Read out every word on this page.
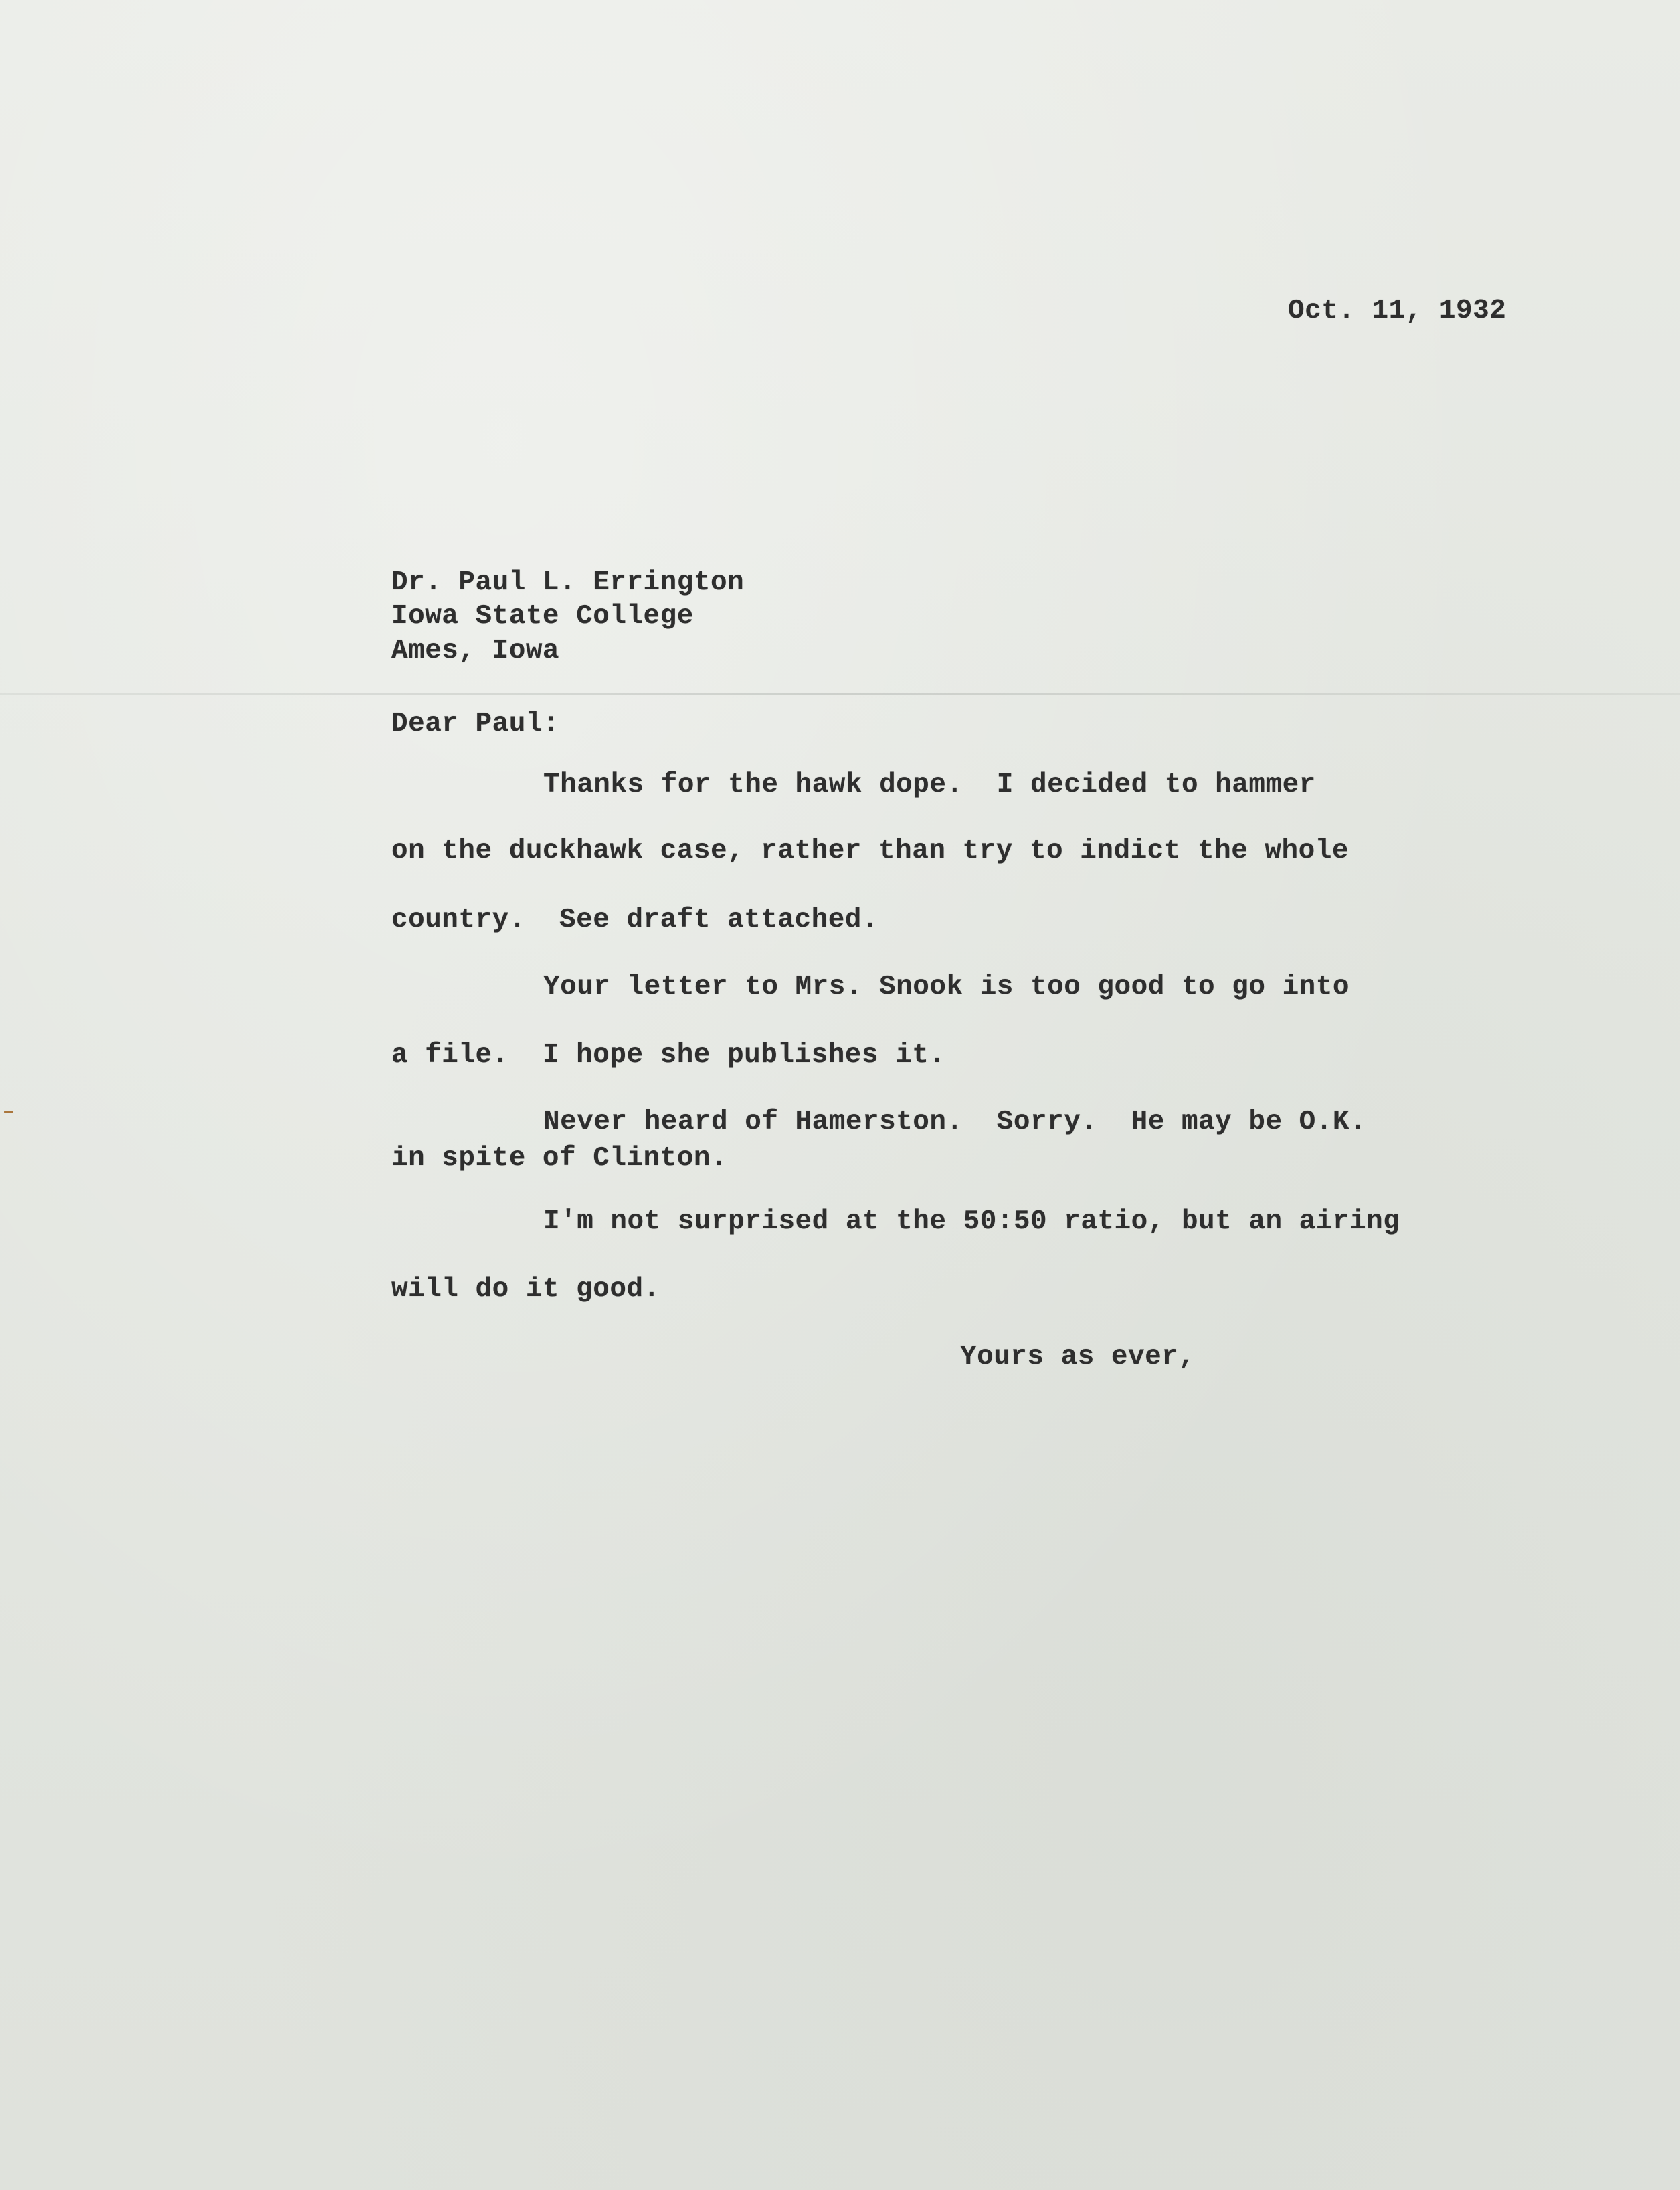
Oct. 11, 1932

Dr. Paul L. Errington

Iowa State College

Ames, Iowa

Dear Paul:

Thanks for the hawk dope.  I decided to hammer

on the duckhawk case, rather than try to indict the whole

country.  See draft attached.

Your letter to Mrs. Snook is too good to go into

a file.  I hope she publishes it.

Never heard of Hamerston.  Sorry.  He may be O.K.

in spite of Clinton.

I'm not surprised at the 50:50 ratio, but an airing

will do it good.

Yours as ever,
